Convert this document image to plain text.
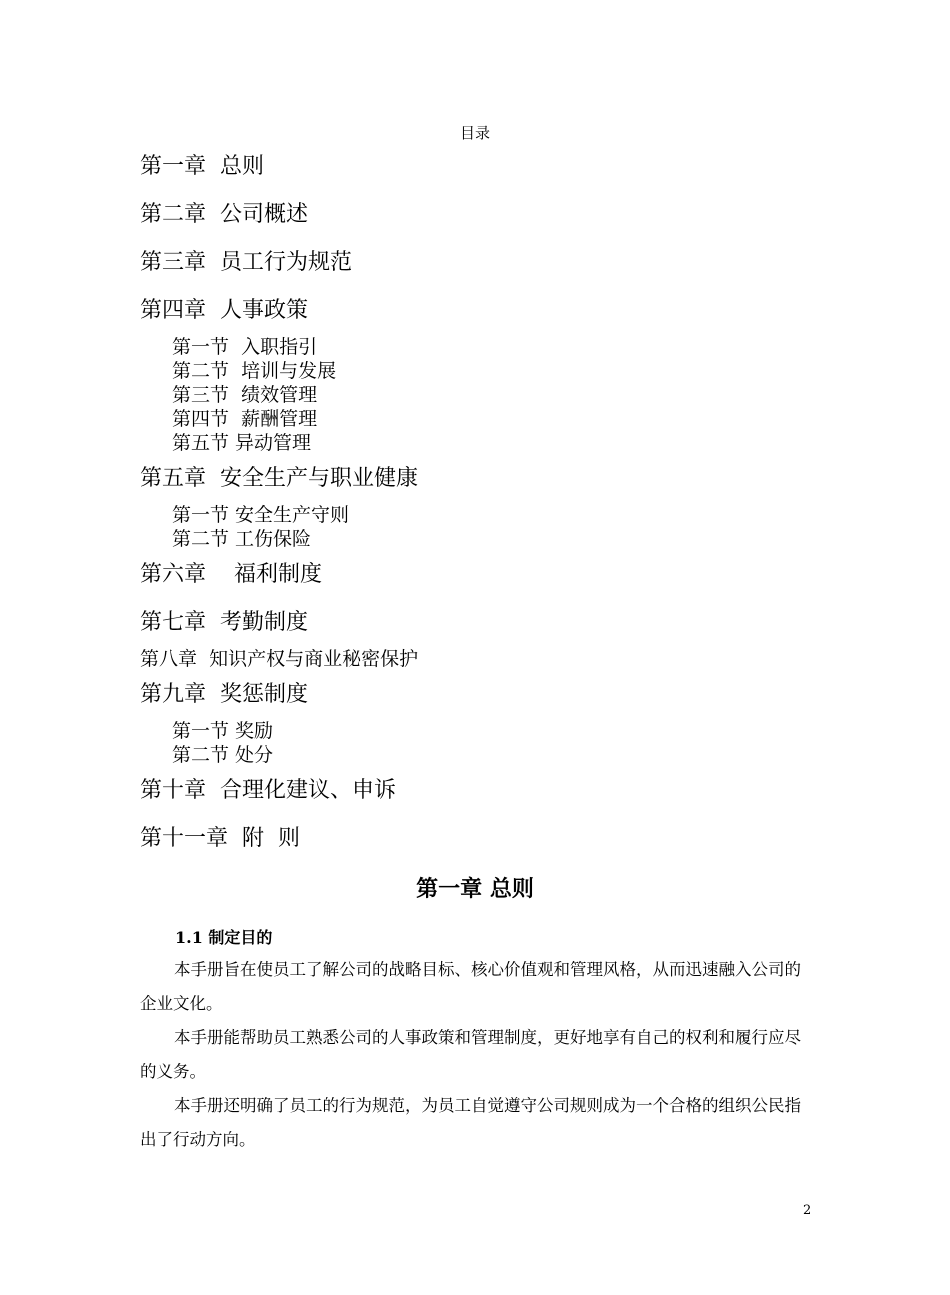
目录
第一章  总则
第二章  公司概述
第三章  员工行为规范
第四章  人事政策
第一节  入职指引
第二节  培训与发展
第三节  绩效管理
第四节  薪酬管理
第五节 异动管理
第五章  安全生产与职业健康
第一节 安全生产守则
第二节 工伤保险
第六章    福利制度
第七章  考勤制度
第八章  知识产权与商业秘密保护
第九章  奖惩制度
第一节 奖励
第二节 处分
第十章  合理化建议、申诉
第十一章  附  则
第一章 总则
1.1 制定目的

本手册旨在使员工了解公司的战略目标、核心价值观和管理风格，从而迅速融入公司的企业文化。

本手册能帮助员工熟悉公司的人事政策和管理制度，更好地享有自己的权利和履行应尽的义务。

本手册还明确了员工的行为规范，为员工自觉遵守公司规则成为一个合格的组织公民指出了行动方向。

2
